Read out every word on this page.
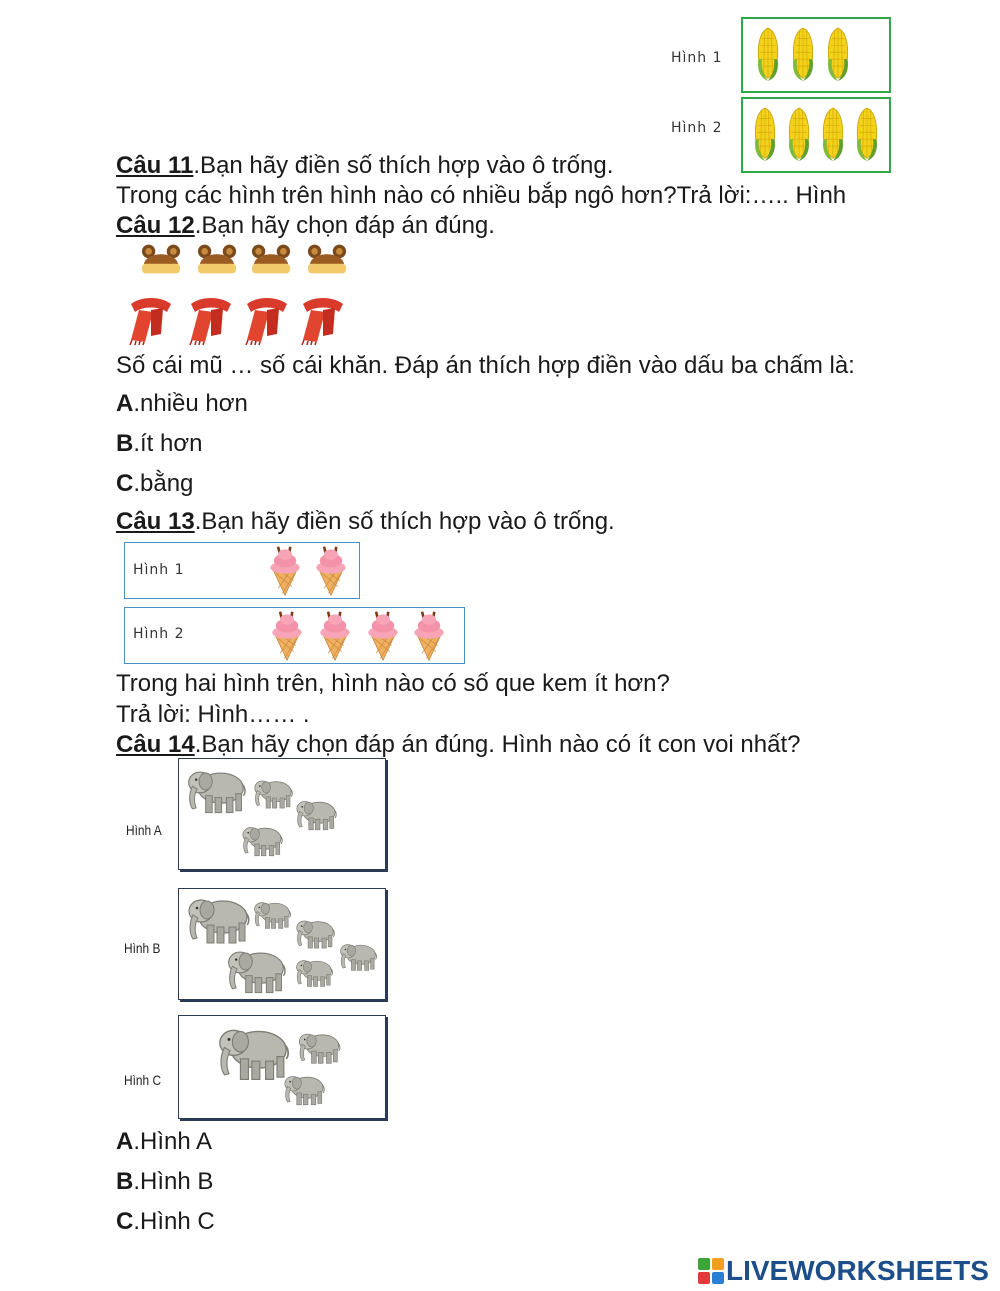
Hình 1
Hình 2
Câu 11.Bạn hãy điền số thích hợp vào ô trống.
Trong các hình trên hình nào có nhiều bắp ngô hơn?Trả lời:….. Hình
Câu 12.Bạn hãy chọn đáp án đúng.
Số cái mũ … số cái khăn. Đáp án thích hợp điền vào dấu ba chấm là:
A.nhiều hơn
B.ít hơn
C.bằng
Câu 13.Bạn hãy điền số thích hợp vào ô trống.
Hình 1
Hình 2
Trong hai hình trên, hình nào có số que kem ít hơn?
Trả lời: Hình…… .
Câu 14.Bạn hãy chọn đáp án đúng. Hình nào có ít con voi nhất?
Hình A
Hình B
Hình C
A.Hình A
B.Hình B
C.Hình C
LIVEWORKSHEETS
